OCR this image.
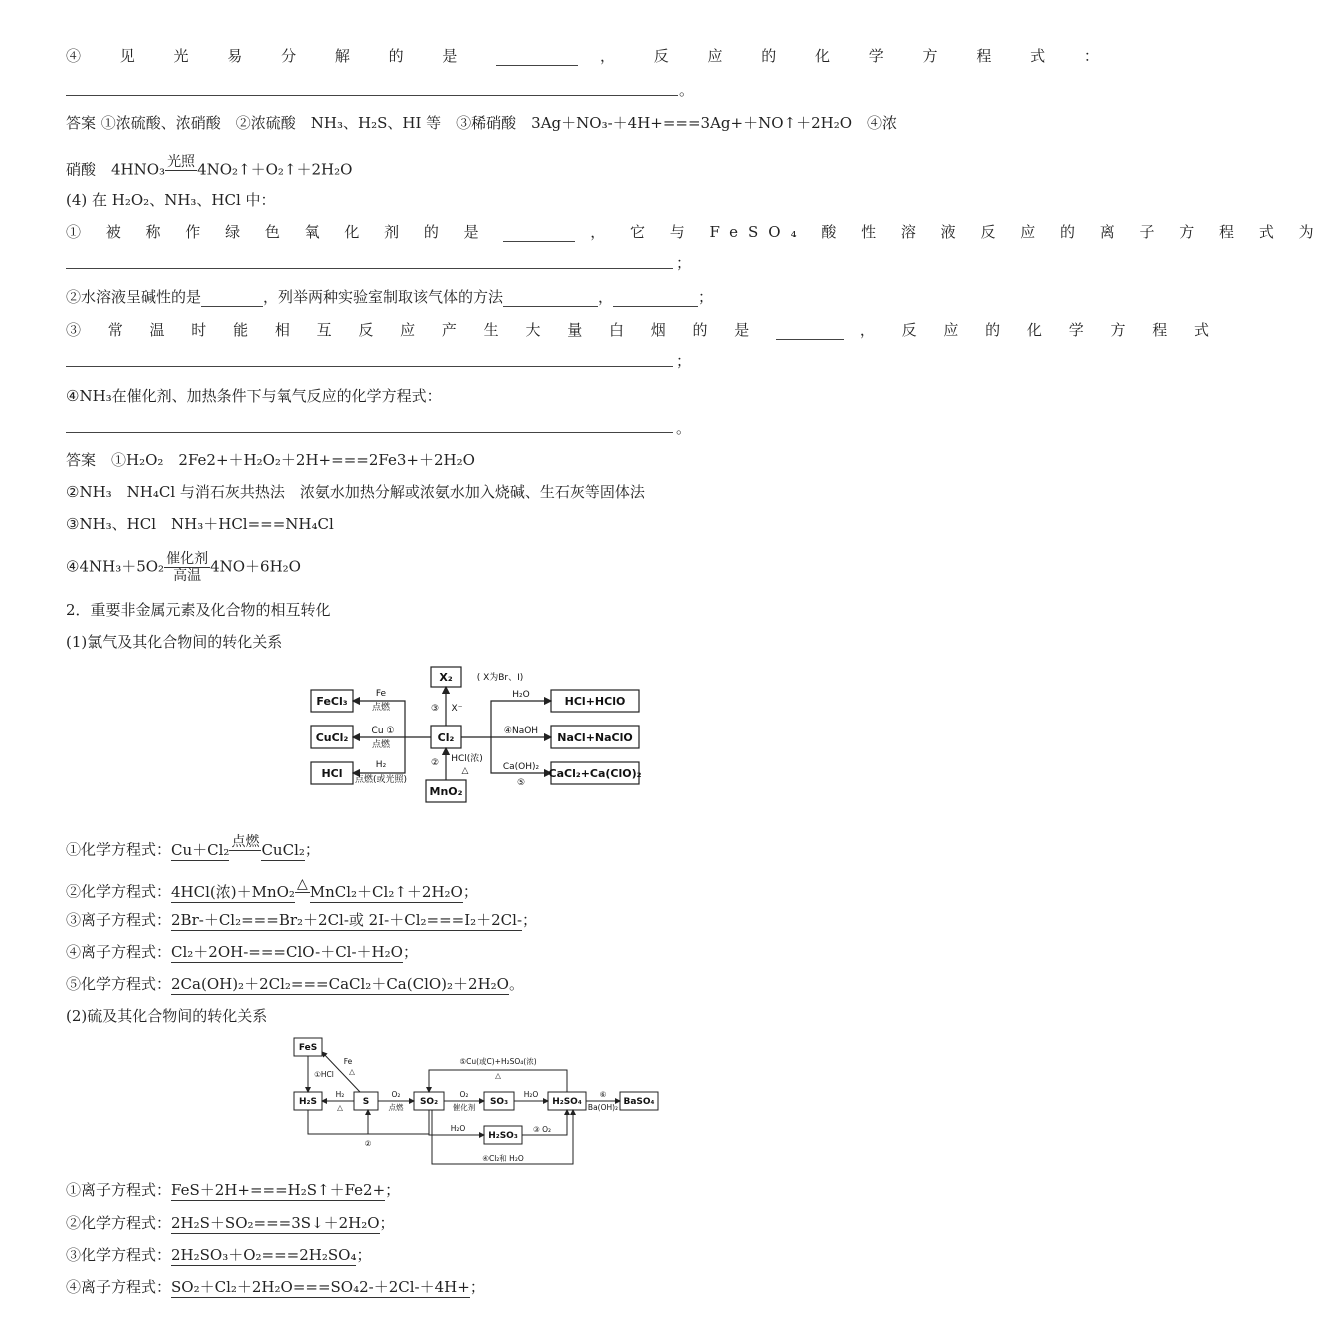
④ 见 光 易 分 解 的 是	， 反 应 的 化 学 方 程 式 ：
。
答案 ①浓硫酸、浓硝酸　②浓硫酸　NH₃、H₂S、HI 等　③稀硝酸　3Ag＋NO₃-＋4H+===3Ag+＋NO↑＋2H₂O　④浓
硝酸　4HNO₃ 光照
4NO₂↑＋O₂↑＋2H₂O
(4) 在 H₂O₂、NH₃、HCl 中：
① 被 称 作 绿 色 氧 化 剂 的 是	， 它 与 FeSO₄ 酸 性 溶 液 反 应 的 离 子 方 程 式 为
；
②水溶液呈碱性的是	，列举两种实验室制取该气体的方法	，	；
③ 常 温 时 能 相 互 反 应 产 生 大 量 白 烟 的 是	， 反 应 的 化 学 方 程 式
；
④NH₃在催化剂、加热条件下与氧气反应的化学方程式：
。
答案　①H₂O₂　2Fe2+＋H₂O₂＋2H+===2Fe3+＋2H₂O
②NH₃　NH₄Cl 与消石灰共热法　浓氨水加热分解或浓氨水加入烧碱、生石灰等固体法
③NH₃、HCl　NH₃＋HCl===NH₄Cl
④4NH₃＋5O₂ $\frac{\text{催化剂}}{\text{高温}} 4NO+6H_2O$
2．重要非金属元素及化合物的相互转化
(1)氯气及其化合物间的转化关系
FeCl₃
CuCl₂
HCl
Cl₂
X₂
MnO₂
HCl+HClO
NaCl+NaClO
CaCl₂+Ca(ClO)₂
( X为Br、I)
Fe
点燃
Cu ①
点燃
H₂
点燃(或光照)
③ X⁻
② HCl(浓)
△
H₂O
④NaOH
Ca(OH)₂
⑤
①化学方程式：Cu＋Cl₂ 点燃
CuCl₂；
②化学方程式：4HCl(浓)＋MnO₂ △
MnCl₂＋Cl₂↑＋2H₂O；
③离子方程式：2Br-＋Cl₂===Br₂＋2Cl-或 2I-＋Cl₂===I₂＋2Cl-；
④离子方程式：Cl₂＋2OH-===ClO-＋Cl-＋H₂O；
⑤化学方程式：2Ca(OH)₂＋2Cl₂===CaCl₂＋Ca(ClO)₂＋2H₂O。
(2)硫及其化合物间的转化关系
FeS
H₂S	S	SO₂	SO₃	H₂SO₄	BaSO₄
H₂SO₃
Fe
△
①HCl
H₂
△
O₂
点燃
O₂
催化剂
H₂O	⑥
Ba(OH)₂
⑤Cu(或C)+H₂SO₄(浓)
△
②
H₂O	③ O₂
④Cl₂和 H₂O
①离子方程式：FeS＋2H+===H₂S↑＋Fe2+；
②化学方程式：2H₂S＋SO₂===3S↓＋2H₂O；
③化学方程式：2H₂SO₃＋O₂===2H₂SO₄；
④离子方程式：SO₂＋Cl₂＋2H₂O===SO₄2-＋2Cl-＋4H+；
